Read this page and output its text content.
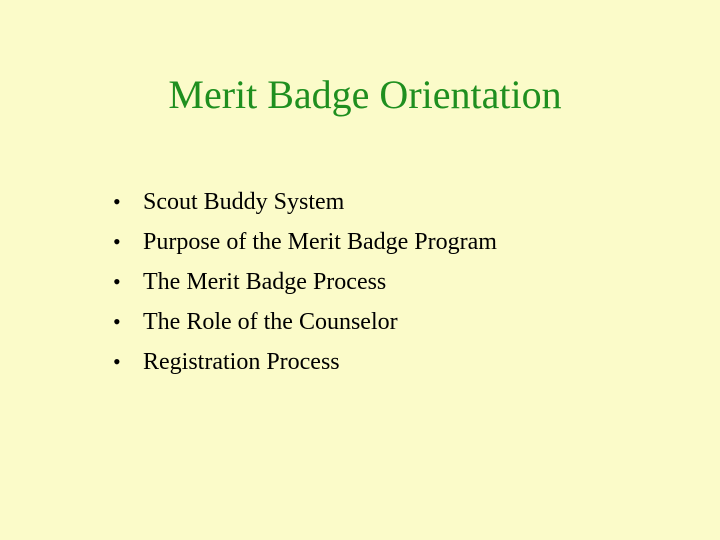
Merit Badge Orientation
• Scout Buddy System
• Purpose of the Merit Badge Program
• The Merit Badge Process
• The Role of the Counselor
• Registration Process
